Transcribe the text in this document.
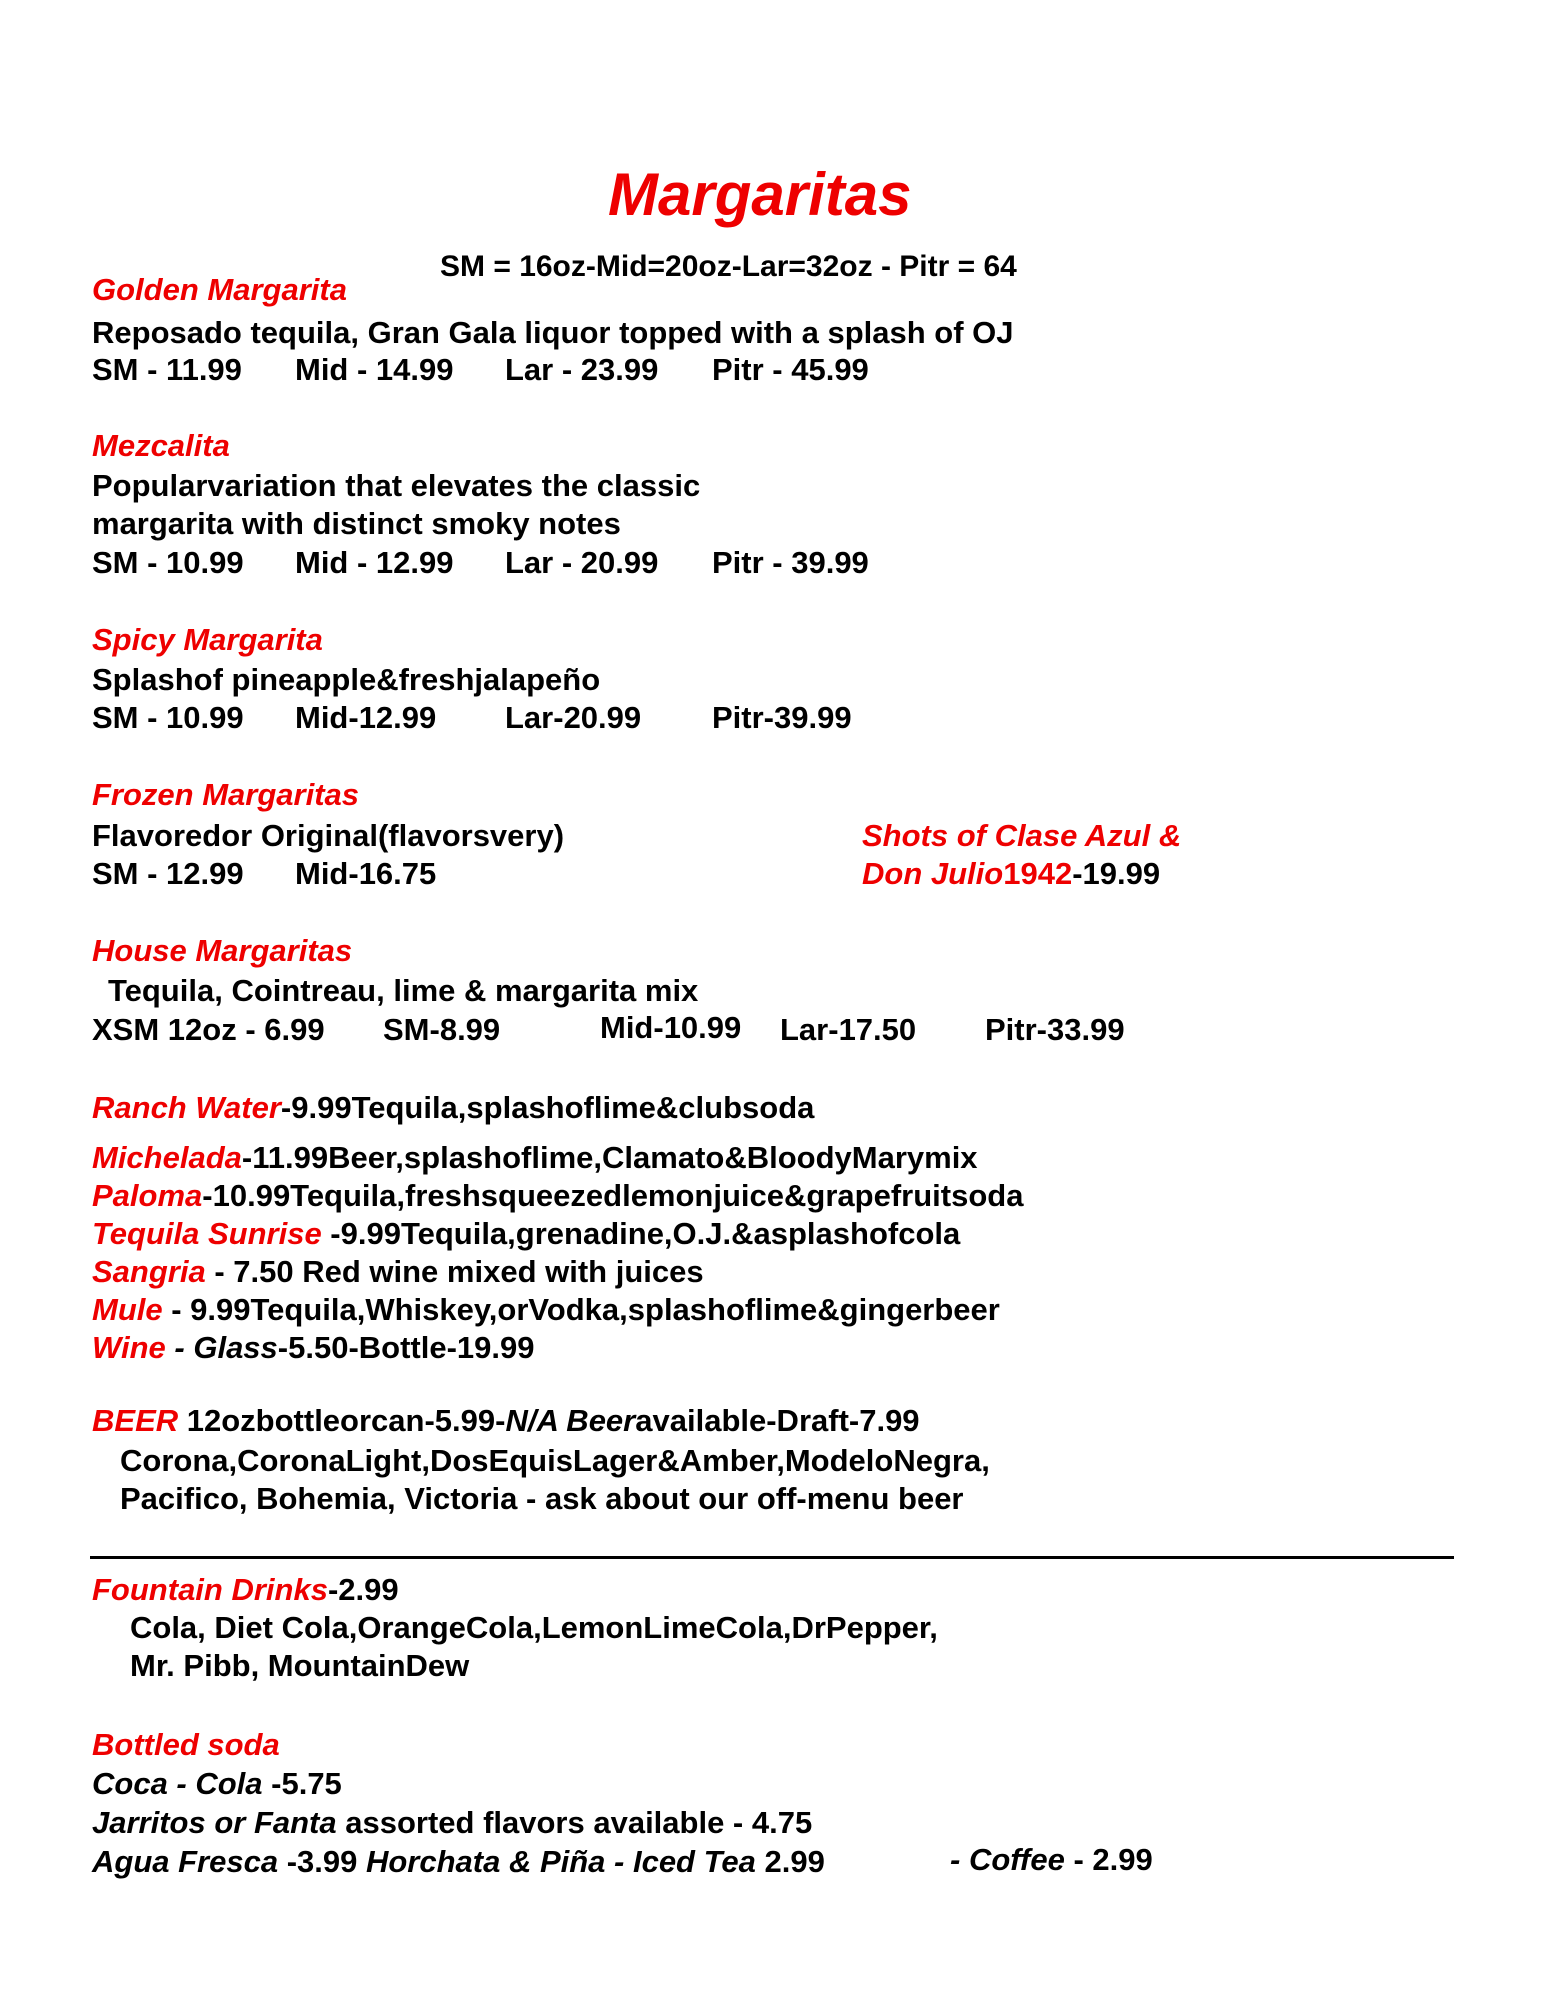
Margaritas
SM = 16oz-Mid=20oz-Lar=32oz - Pitr = 64
Golden Margarita
Reposado tequila, Gran Gala liquor topped with a splash of OJ
SM - 11.99 Mid - 14.99 Lar - 23.99 Pitr - 45.99
Mezcalita
Popularvariation that elevates the classic
margarita with distinct smoky notes
SM - 10.99 Mid - 12.99 Lar - 20.99 Pitr - 39.99
Spicy Margarita
Splashof pineapple&freshjalapeño
SM - 10.99 Mid-12.99 Lar-20.99 Pitr-39.99
Frozen Margaritas
Flavoredor Original(flavorsvery)
SM - 12.99 Mid-16.75
Shots of Clase Azul &
Don Julio1942-19.99
House Margaritas
Tequila, Cointreau, lime & margarita mix
XSM 12oz - 6.99 SM-8.99	Mid-10.99 Lar-17.50 Pitr-33.99
Ranch Water-9.99Tequila,splashoflime&clubsoda
Michelada-11.99Beer,splashoflime,Clamato&BloodyMarymix
Paloma-10.99Tequila,freshsqueezedlemonjuice&grapefruitsoda
Tequila Sunrise -9.99Tequila,grenadine,O.J.&asplashofcola
Sangria - 7.50 Red wine mixed with juices
Mule - 9.99Tequila,Whiskey,orVodka,splashoflime&gingerbeer
Wine - Glass-5.50-Bottle-19.99
BEER 12ozbottleorcan-5.99-N/A Beeravailable-Draft-7.99
Corona,CoronaLight,DosEquisLager&Amber,ModeloNegra,
Pacifico, Bohemia, Victoria - ask about our off-menu beer
Fountain Drinks-2.99
Cola, Diet Cola,OrangeCola,LemonLimeCola,DrPepper,
Mr. Pibb, MountainDew
Bottled soda
Coca - Cola -5.75
Jarritos or Fanta assorted flavors available - 4.75
Agua Fresca -3.99 Horchata & Piña - Iced Tea 2.99	- Coffee - 2.99
